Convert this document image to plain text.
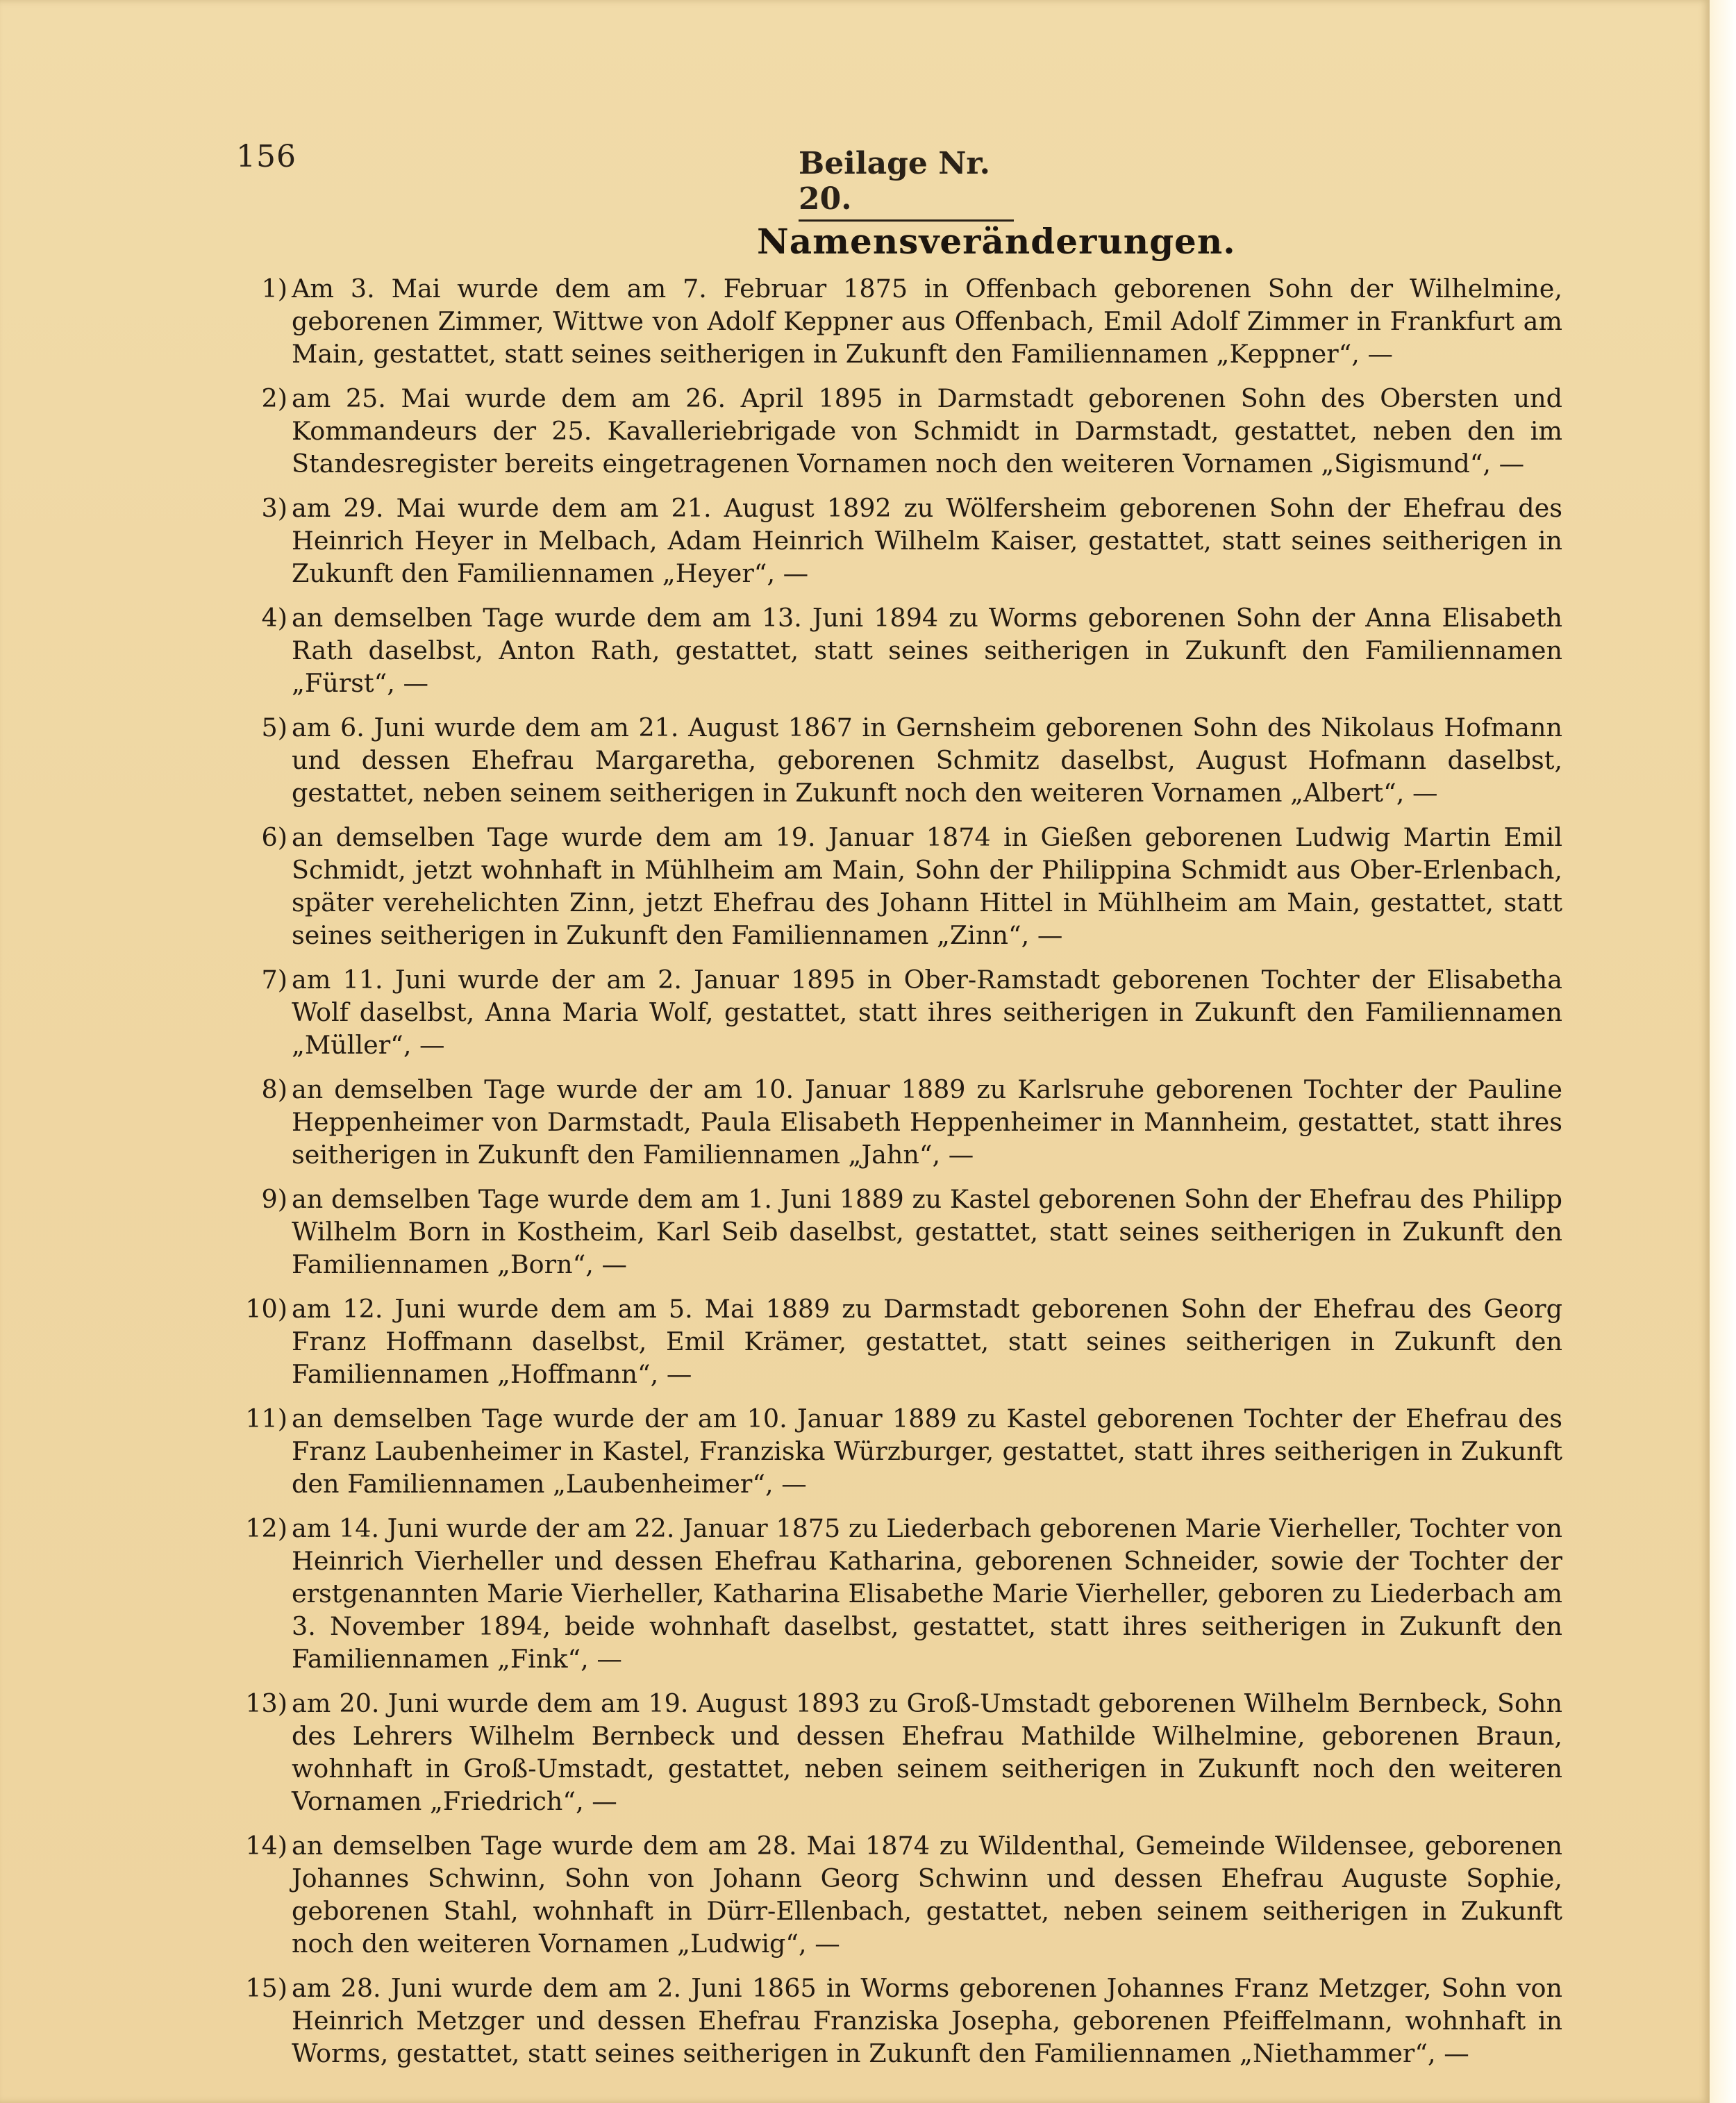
156	Beilage Nr. 20.
Namensveränderungen.
1) Am 3. Mai wurde dem am 7. Februar 1875 in Offenbach geborenen Sohn der Wilhelmine, geborenen Zimmer, Wittwe von Adolf Keppner aus Offenbach, Emil Adolf Zimmer in Frankfurt am Main, gestattet, statt seines seitherigen in Zukunft den Familiennamen „Keppner“, —
2) am 25. Mai wurde dem am 26. April 1895 in Darmstadt geborenen Sohn des Obersten und Kommandeurs der 25. Kavalleriebrigade von Schmidt in Darmstadt, gestattet, neben den im Standesregister bereits eingetragenen Vornamen noch den weiteren Vornamen „Sigismund“, —
3) am 29. Mai wurde dem am 21. August 1892 zu Wölfersheim geborenen Sohn der Ehefrau des Heinrich Heyer in Melbach, Adam Heinrich Wilhelm Kaiser, gestattet, statt seines seitherigen in Zukunft den Familiennamen „Heyer“, —
4) an demselben Tage wurde dem am 13. Juni 1894 zu Worms geborenen Sohn der Anna Elisabeth Rath daselbst, Anton Rath, gestattet, statt seines seitherigen in Zukunft den Familiennamen „Fürst“, —
5) am 6. Juni wurde dem am 21. August 1867 in Gernsheim geborenen Sohn des Nikolaus Hofmann und dessen Ehefrau Margaretha, geborenen Schmitz daselbst, August Hofmann daselbst, gestattet, neben seinem seitherigen in Zukunft noch den weiteren Vornamen „Albert“, —
6) an demselben Tage wurde dem am 19. Januar 1874 in Gießen geborenen Ludwig Martin Emil Schmidt, jetzt wohnhaft in Mühlheim am Main, Sohn der Philippina Schmidt aus Ober-Erlenbach, später verehelichten Zinn, jetzt Ehefrau des Johann Hittel in Mühlheim am Main, gestattet, statt seines seitherigen in Zukunft den Familiennamen „Zinn“, —
7) am 11. Juni wurde der am 2. Januar 1895 in Ober-Ramstadt geborenen Tochter der Elisabetha Wolf daselbst, Anna Maria Wolf, gestattet, statt ihres seitherigen in Zukunft den Familiennamen „Müller“, —
8) an demselben Tage wurde der am 10. Januar 1889 zu Karlsruhe geborenen Tochter der Pauline Heppenheimer von Darmstadt, Paula Elisabeth Heppenheimer in Mannheim, gestattet, statt ihres seitherigen in Zukunft den Familiennamen „Jahn“, —
9) an demselben Tage wurde dem am 1. Juni 1889 zu Kastel geborenen Sohn der Ehefrau des Philipp Wilhelm Born in Kostheim, Karl Seib daselbst, gestattet, statt seines seitherigen in Zukunft den Familiennamen „Born“, —
10) am 12. Juni wurde dem am 5. Mai 1889 zu Darmstadt geborenen Sohn der Ehefrau des Georg Franz Hoffmann daselbst, Emil Krämer, gestattet, statt seines seitherigen in Zukunft den Familiennamen „Hoffmann“, —
11) an demselben Tage wurde der am 10. Januar 1889 zu Kastel geborenen Tochter der Ehefrau des Franz Laubenheimer in Kastel, Franziska Würzburger, gestattet, statt ihres seitherigen in Zukunft den Familiennamen „Laubenheimer“, —
12) am 14. Juni wurde der am 22. Januar 1875 zu Liederbach geborenen Marie Vierheller, Tochter von Heinrich Vierheller und dessen Ehefrau Katharina, geborenen Schneider, sowie der Tochter der erstgenannten Marie Vierheller, Katharina Elisabethe Marie Vierheller, geboren zu Liederbach am 3. November 1894, beide wohnhaft daselbst, gestattet, statt ihres seitherigen in Zukunft den Familiennamen „Fink“, —
13) am 20. Juni wurde dem am 19. August 1893 zu Groß-Umstadt geborenen Wilhelm Bernbeck, Sohn des Lehrers Wilhelm Bernbeck und dessen Ehefrau Mathilde Wilhelmine, geborenen Braun, wohnhaft in Groß-Umstadt, gestattet, neben seinem seitherigen in Zukunft noch den weiteren Vornamen „Friedrich“, —
14) an demselben Tage wurde dem am 28. Mai 1874 zu Wildenthal, Gemeinde Wildensee, geborenen Johannes Schwinn, Sohn von Johann Georg Schwinn und dessen Ehefrau Auguste Sophie, geborenen Stahl, wohnhaft in Dürr-Ellenbach, gestattet, neben seinem seitherigen in Zukunft noch den weiteren Vornamen „Ludwig“, —
15) am 28. Juni wurde dem am 2. Juni 1865 in Worms geborenen Johannes Franz Metzger, Sohn von Heinrich Metzger und dessen Ehefrau Franziska Josepha, geborenen Pfeiffelmann, wohnhaft in Worms, gestattet, statt seines seitherigen in Zukunft den Familiennamen „Niethammer“, —
